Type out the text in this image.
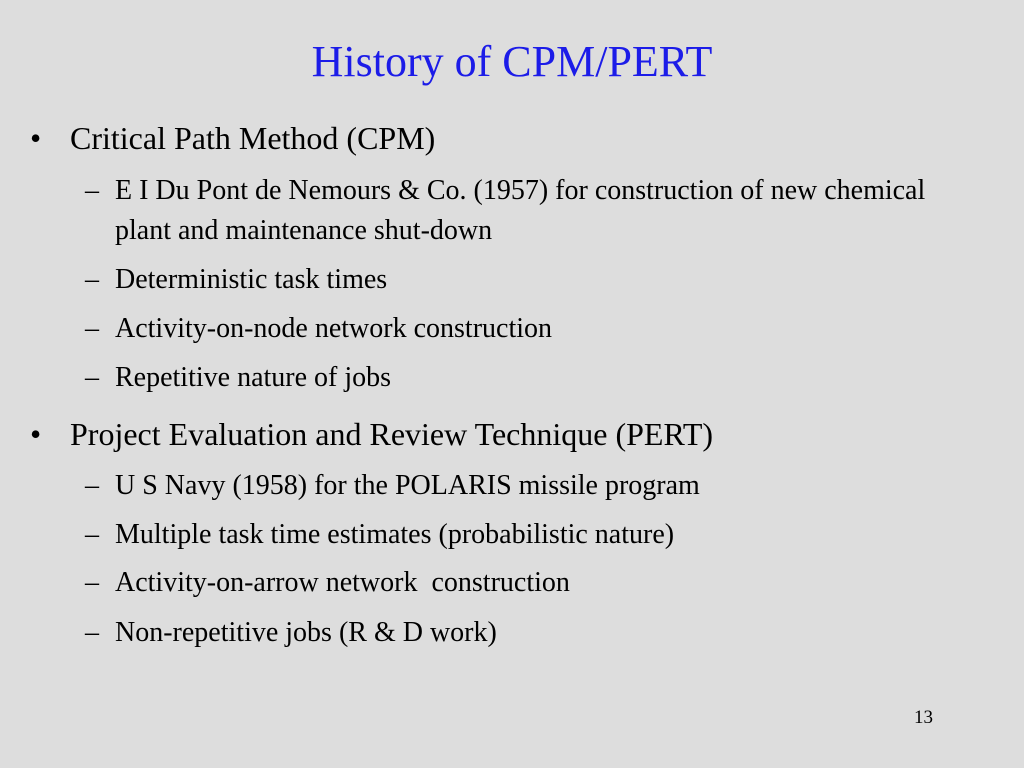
History of CPM/PERT
• Critical Path Method (CPM)
– E I Du Pont de Nemours & Co. (1957) for construction of new chemical plant and maintenance shut-down
– Deterministic task times
– Activity-on-node network construction
– Repetitive nature of jobs
• Project Evaluation and Review Technique (PERT)
– U S Navy (1958) for the POLARIS missile program
– Multiple task time estimates (probabilistic nature)
– Activity-on-arrow network  construction
– Non-repetitive jobs (R & D work)
13
